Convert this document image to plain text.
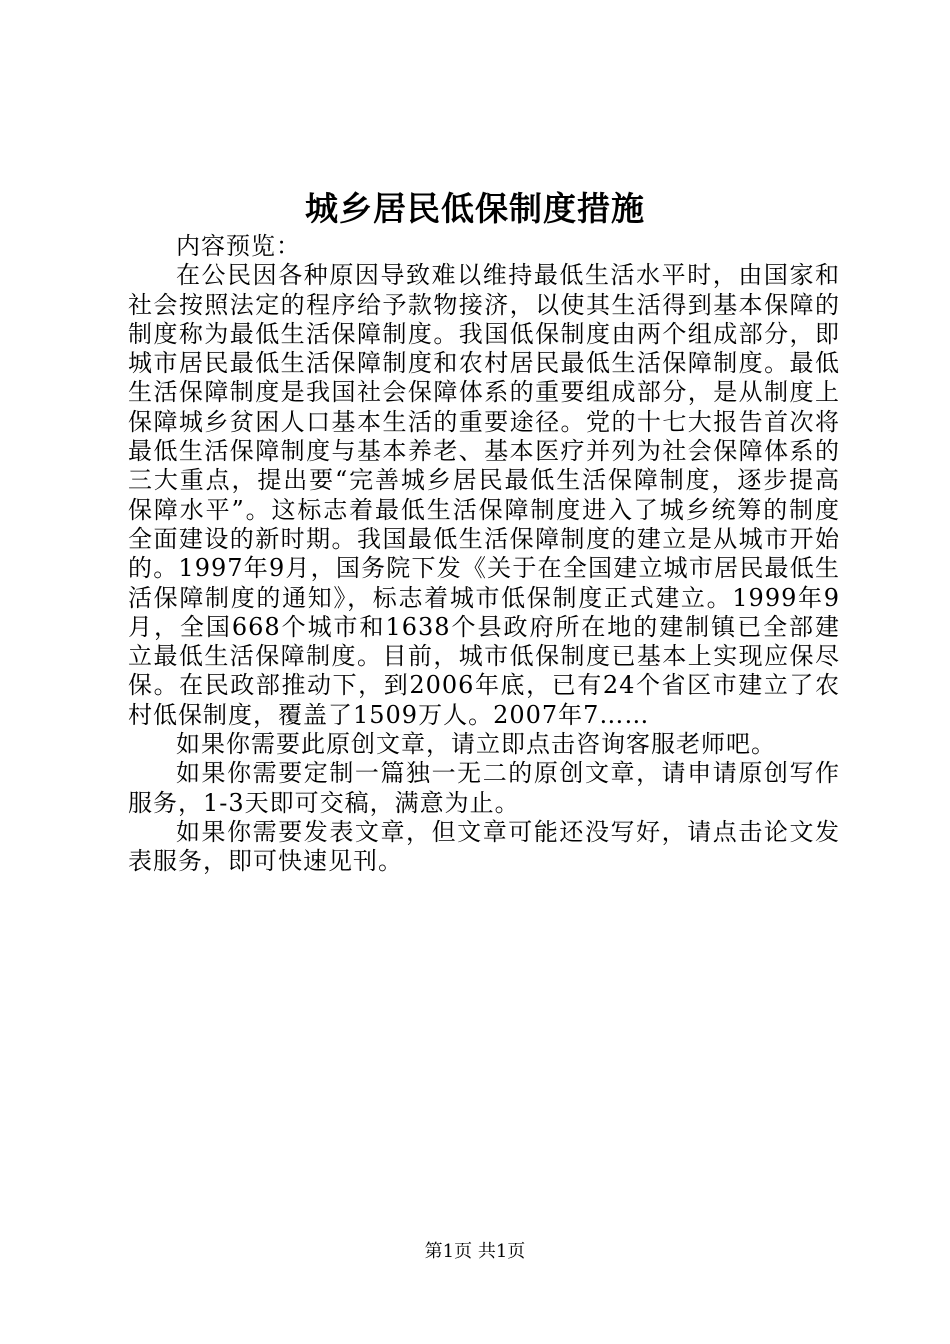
城乡居民低保制度措施

内容预览：

在公民因各种原因导致难以维持最低生活水平时，由国家和社会按照法定的程序给予款物接济，以使其生活得到基本保障的制度称为最低生活保障制度。我国低保制度由两个组成部分，即城市居民最低生活保障制度和农村居民最低生活保障制度。最低生活保障制度是我国社会保障体系的重要组成部分，是从制度上保障城乡贫困人口基本生活的重要途径。党的十七大报告首次将最低生活保障制度与基本养老、基本医疗并列为社会保障体系的三大重点，提出要“完善城乡居民最低生活保障制度，逐步提高保障水平”。这标志着最低生活保障制度进入了城乡统筹的制度全面建设的新时期。我国最低生活保障制度的建立是从城市开始的。1997年9月，国务院下发《关于在全国建立城市居民最低生活保障制度的通知》，标志着城市低保制度正式建立。1999年9月，全国668个城市和1638个县政府所在地的建制镇已全部建立最低生活保障制度。目前，城市低保制度已基本上实现应保尽保。在民政部推动下，到2006年底，已有24个省区市建立了农村低保制度，覆盖了1509万人。2007年7……

如果你需要此原创文章，请立即点击咨询客服老师吧。

如果你需要定制一篇独一无二的原创文章，请申请原创写作服务，1-3天即可交稿，满意为止。

如果你需要发表文章，但文章可能还没写好，请点击论文发表服务，即可快速见刊。

第1页 共1页
